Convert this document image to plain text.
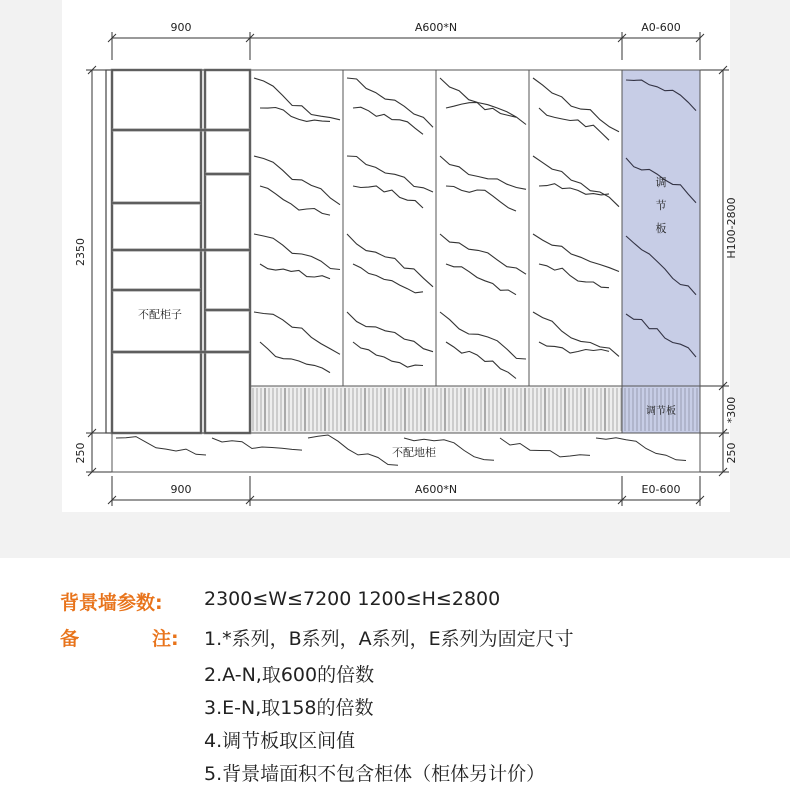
900	A600*N	A0-600
900	A600*N	E0-600
2350
250
H100-2800
*300
250
调
节
板
调节板
不配地柜
不配柜子
背景墙参数: 2300≤W≤7200 1200≤H≤2800
备	注: 1.*系列，B系列，A系列，E系列为固定尺寸
2.A-N,取600的倍数
3.E-N,取158的倍数
4.调节板取区间值
5.背景墙面积不包含柜体（柜体另计价）
